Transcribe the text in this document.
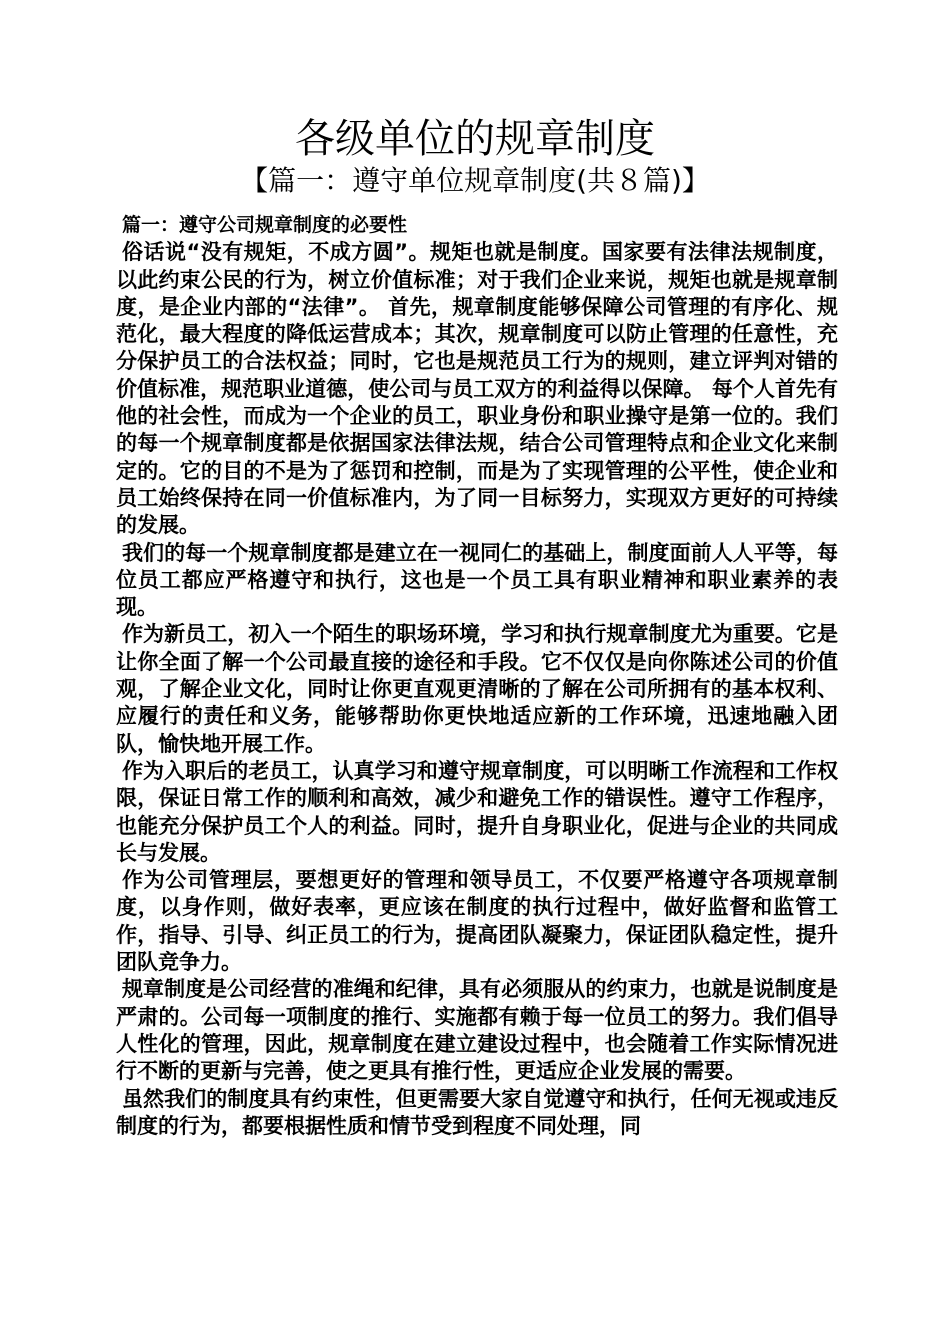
各级单位的规章制度
【篇一：遵守单位规章制度(共８篇)】

篇一：遵守公司规章制度的必要性

俗话说“没有规矩，不成方圆”。规矩也就是制度。国家要有法律法规制度，以此约束公民的行为，树立价值标准；对于我们企业来说，规矩也就是规章制度，是企业内部的“法律”。 首先，规章制度能够保障公司管理的有序化、规范化，最大程度的降低运营成本；其次，规章制度可以防止管理的任意性，充分保护员工的合法权益；同时，它也是规范员工行为的规则，建立评判对错的价值标准，规范职业道德，使公司与员工双方的利益得以保障。 每个人首先有他的社会性，而成为一个企业的员工，职业身份和职业操守是第一位的。我们的每一个规章制度都是依据国家法律法规，结合公司管理特点和企业文化来制定的。它的目的不是为了惩罚和控制，而是为了实现管理的公平性，使企业和员工始终保持在同一价值标准内，为了同一目标努力，实现双方更好的可持续的发展。

我们的每一个规章制度都是建立在一视同仁的基础上，制度面前人人平等，每位员工都应严格遵守和执行，这也是一个员工具有职业精神和职业素养的表现。

作为新员工，初入一个陌生的职场环境，学习和执行规章制度尤为重要。它是让你全面了解一个公司最直接的途径和手段。它不仅仅是向你陈述公司的价值观，了解企业文化，同时让你更直观更清晰的了解在公司所拥有的基本权利、应履行的责任和义务，能够帮助你更快地适应新的工作环境，迅速地融入团队，愉快地开展工作。

作为入职后的老员工，认真学习和遵守规章制度，可以明晰工作流程和工作权限，保证日常工作的顺利和高效，减少和避免工作的错误性。遵守工作程序，也能充分保护员工个人的利益。同时，提升自身职业化，促进与企业的共同成长与发展。

作为公司管理层，要想更好的管理和领导员工，不仅要严格遵守各项规章制度，以身作则，做好表率，更应该在制度的执行过程中，做好监督和监管工作，指导、引导、纠正员工的行为，提高团队凝聚力，保证团队稳定性，提升团队竞争力。

规章制度是公司经营的准绳和纪律，具有必须服从的约束力，也就是说制度是严肃的。公司每一项制度的推行、实施都有赖于每一位员工的努力。我们倡导人性化的管理，因此，规章制度在建立建设过程中，也会随着工作实际情况进行不断的更新与完善，使之更具有推行性，更适应企业发展的需要。

虽然我们的制度具有约束性，但更需要大家自觉遵守和执行，任何无视或违反制度的行为，都要根据性质和情节受到程度不同处理，同
